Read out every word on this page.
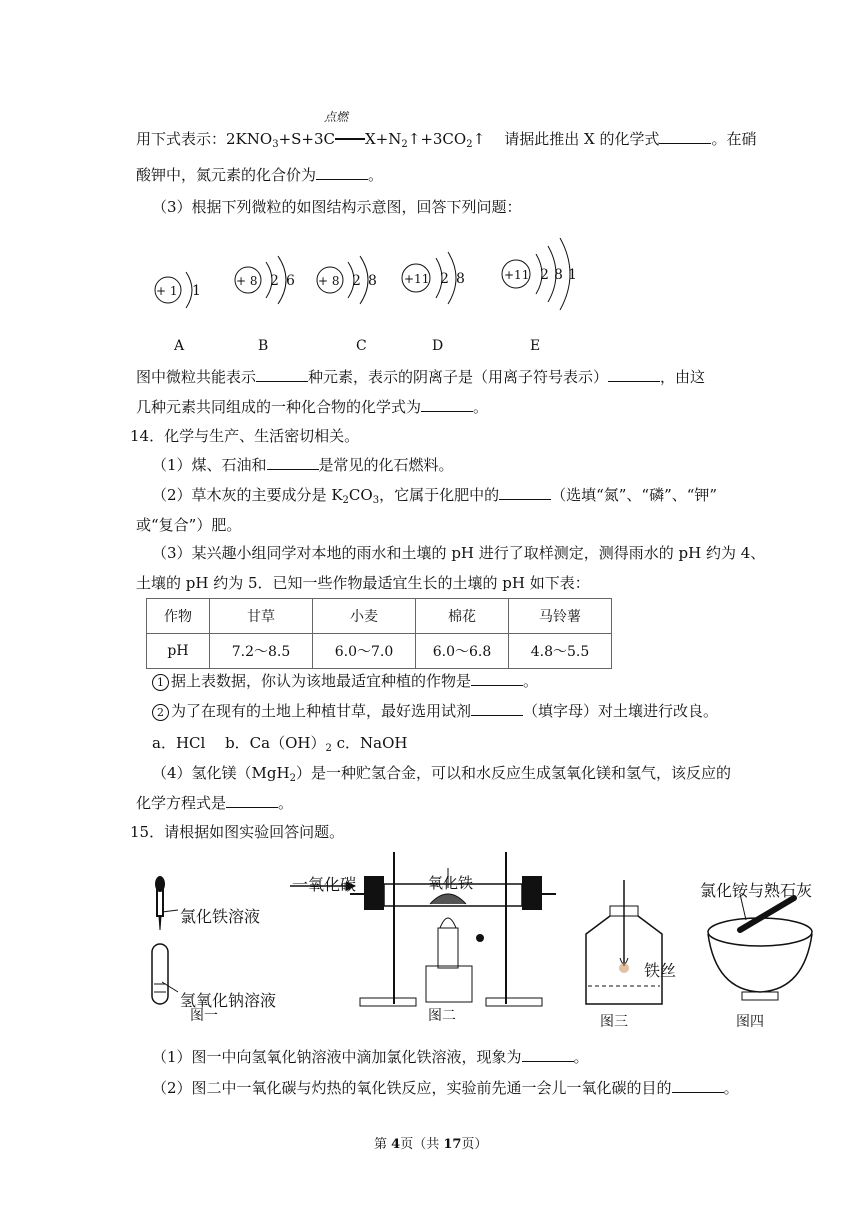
点燃
用下式表示：$2KNO_3+S+3C$ $X+N_2↑+3CO_2↑$ 请据此推出 X 的化学式	。在硝
酸钾中，氮元素的化合价为	。
（3）根据下列微粒的如图结构示意图，回答下列问题：
+ 1 1
A
+ 8 2 6
B
+ 8 2 8
C
+11 2 8
D
+11 2 8 1
E
图中微粒共能表示	种元素，表示的阴离子是（用离子符号表示）	，由这
几种元素共同组成的一种化合物的化学式为	。
14．化学与生产、生活密切相关。
（1）煤、石油和	是常见的化石燃料。
（2）草木灰的主要成分是 $K_2CO_3$，它属于化肥中的	（选填“氮”、“磷”、“钾”
或“复合”）肥。
（3）某兴趣小组同学对本地的雨水和土壤的 pH 进行了取样测定，测得雨水的 pH 约为 4、
土壤的 pH 约为 5．已知一些作物最适宜生长的土壤的 pH 如下表：
作物	甘草	小麦	棉花	马铃薯
pH	7.2～8.5	6.0～7.0	6.0～6.8	4.8～5.5
1 据上表数据，你认为该地最适宜种植的作物是	。
2 为了在现有的土地上种植甘草，最好选用试剂	（填字母）对土壤进行改良。
a．HCl　 b．$Ca(OH)_2$ c．NaOH
（4）氢化镁（MgH$_2$）是一种贮氢合金，可以和水反应生成氢氧化镁和氢气，该反应的
化学方程式是	。
15．请根据如图实验回答问题。
图一
氯化铁溶液
氢氧化钠溶液
图二
一氧化碳	氧化铁
图三
铁丝
图四
氯化铵与熟石灰
（1）图一中向氢氧化钠溶液中滴加氯化铁溶液，现象为	。
（2）图二中一氧化碳与灼热的氧化铁反应，实验前先通一会儿一氧化碳的目的	。
第 4页（共 17页）
